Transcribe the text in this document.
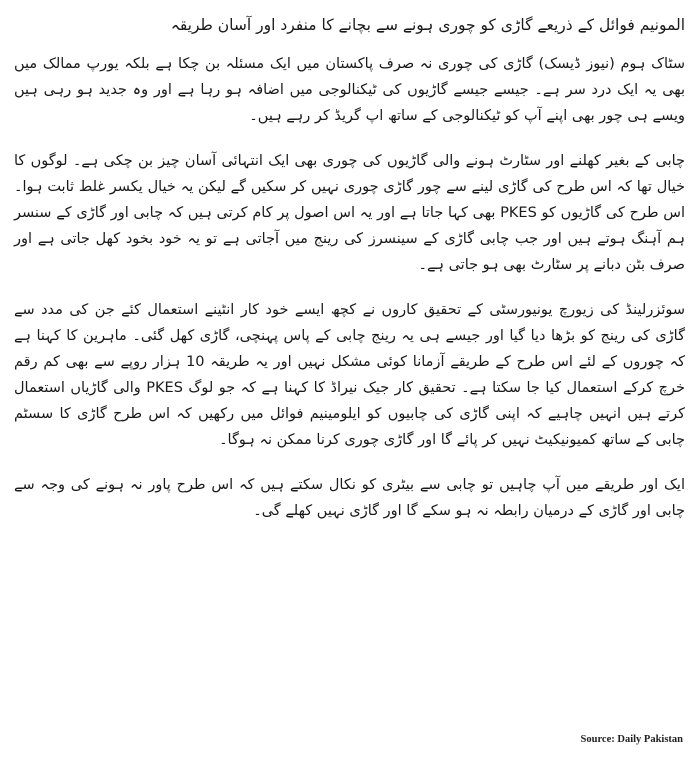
المونیم فوائل کے ذریعے گاڑی کو چوری ہونے سے بچانے کا منفرد اور آسان طریقہ

سٹاک ہوم (نیوز ڈیسک) گاڑی کی چوری نہ صرف پاکستان میں ایک مسئلہ بن چکا ہے بلکہ یورپ ممالک میں بھی یہ ایک درد سر ہے۔ جیسے جیسے گاڑیوں کی ٹیکنالوجی میں اضافہ ہو رہا ہے اور وہ جدید ہو رہی ہیں ویسے ہی چور بھی اپنے آپ کو ٹیکنالوجی کے ساتھ اپ گریڈ کر رہے ہیں۔

چابی کے بغیر کھلنے اور سٹارٹ ہونے والی گاڑیوں کی چوری بھی ایک انتہائی آسان چیز بن چکی ہے۔ لوگوں کا خیال تھا کہ اس طرح کی گاڑی لینے سے چور گاڑی چوری نہیں کر سکیں گے لیکن یہ خیال یکسر غلط ثابت ہوا۔ اس طرح کی گاڑیوں کو PKES بھی کہا جاتا ہے اور یہ اس اصول پر کام کرتی ہیں کہ چابی اور گاڑی کے سنسر ہم آہنگ ہوتے ہیں اور جب چابی گاڑی کے سینسرز کی رینج میں آجاتی ہے تو یہ خود بخود کھل جاتی ہے اور صرف بٹن دبانے پر سٹارٹ بھی ہو جاتی ہے۔

سوئزرلینڈ کی زیورچ یونیورسٹی کے تحقیق کاروں نے کچھ ایسے خود کار انٹینے استعمال کئے جن کی مدد سے گاڑی کی رینج کو بڑھا دیا گیا اور جیسے ہی یہ رینج چابی کے پاس پہنچی، گاڑی کھل گئی۔ ماہرین کا کہنا ہے کہ چوروں کے لئے اس طرح کے طریقے آزمانا کوئی مشکل نہیں اور یہ طریقہ 10 ہزار روپے سے بھی کم رقم خرچ کرکے استعمال کیا جا سکتا ہے۔ تحقیق کار جیک نیراڈ کا کہنا ہے کہ جو لوگ PKES والی گاڑیاں استعمال کرتے ہیں انہیں چاہیے کہ اپنی گاڑی کی چابیوں کو ایلومینیم فوائل میں رکھیں کہ اس طرح گاڑی کا سسٹم چابی کے ساتھ کمیونیکیٹ نہیں کر پائے گا اور گاڑی چوری کرنا ممکن نہ ہوگا۔

ایک اور طریقے میں آپ چاہیں تو چابی سے بیٹری کو نکال سکتے ہیں کہ اس طرح پاور نہ ہونے کی وجہ سے چابی اور گاڑی کے درمیان رابطہ نہ ہو سکے گا اور گاڑی نہیں کھلے گی۔

Source: Daily Pakistan
